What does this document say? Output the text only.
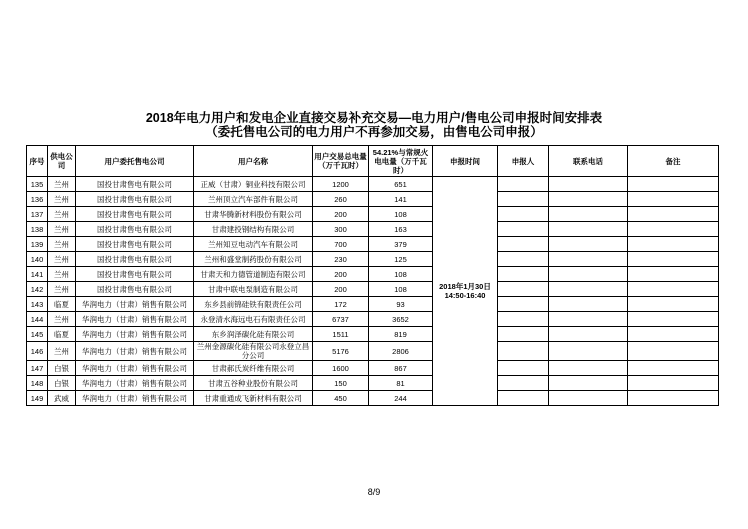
2018年电力用户和发电企业直接交易补充交易—电力用户/售电公司申报时间安排表
（委托售电公司的电力用户不再参加交易，由售电公司申报）
序号	供电公司	用户委托售电公司	用户名称	用户交易总电量（万千瓦时）	54.21%与常规火电电量（万千瓦时）	申报时间	申报人	联系电话	备注
135	兰州	国投甘肃售电有限公司	正威（甘肃）铜业科技有限公司	1200	651	2018年1月30日
14:50-16:40			

136	兰州	国投甘肃售电有限公司	兰州顶立汽车部件有限公司	260	141				
137	兰州	国投甘肃售电有限公司	甘肃华腾新材料股份有限公司	200	108				
138	兰州	国投甘肃售电有限公司	甘肃建投钢结构有限公司	300	163				
139	兰州	国投甘肃售电有限公司	兰州知豆电动汽车有限公司	700	379				
140	兰州	国投甘肃售电有限公司	兰州和盛堂制药股份有限公司	230	125				
141	兰州	国投甘肃售电有限公司	甘肃天和力德管道制造有限公司	200	108				
142	兰州	国投甘肃售电有限公司	甘肃中联电泵制造有限公司	200	108				
143	临夏	华润电力（甘肃）销售有限公司	东乡县前锦硅铁有限责任公司	172	93				
144	兰州	华润电力（甘肃）销售有限公司	永登清水海远电石有限责任公司	6737	3652				
145	临夏	华润电力（甘肃）销售有限公司	东乡润泽碳化硅有限公司	1511	819				
146	兰州	华润电力（甘肃）销售有限公司	兰州金源碳化硅有限公司永登立昌分公司	5176	2806				
147	白银	华润电力（甘肃）销售有限公司	甘肃郝氏炭纤维有限公司	1600	867				
148	白银	华润电力（甘肃）销售有限公司	甘肃五谷种业股份有限公司	150	81				
149	武威	华润电力（甘肃）销售有限公司	甘肃重通成飞新材料有限公司	450	244				
8/9
